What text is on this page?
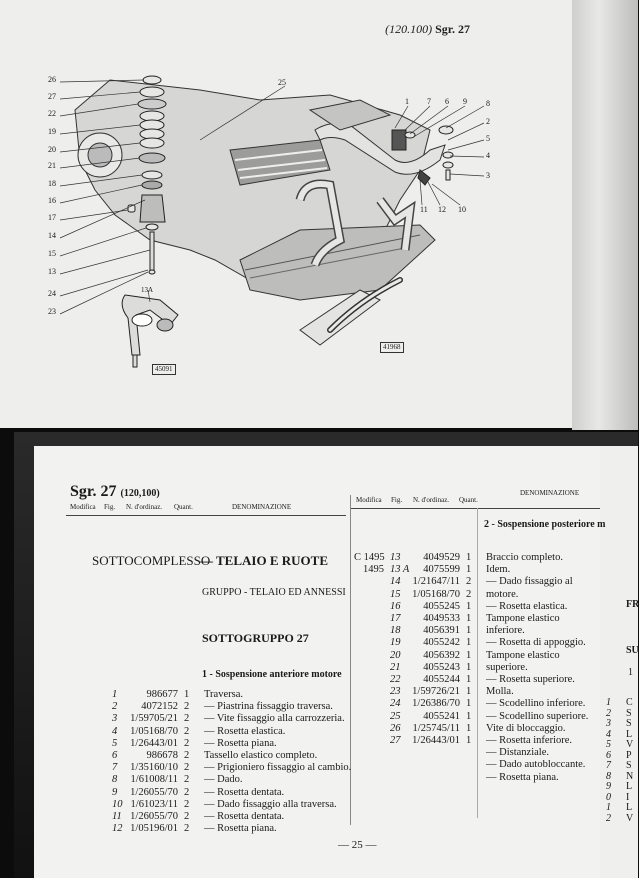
26
27
22
19
20
21
18
16
17
14
15
13
24
23
25
1 7 6 9 8
2
5
4
3
11 12 10
13A
45091
41968
(120.100) Sgr. 27
Sgr. 27 (120,100)
Modifica Fig. N. d'ordinaz. Quant.	DENOMINAZIONE
Modifica Fig. N. d'ordinaz. Quant.
DENOMINAZIONE
SOTTOCOMPLESSO
— TELAIO E RUOTE
GRUPPO - TELAIO ED ANNESSI
SOTTOGRUPPO 27
1 - Sospensione anteriore motore
1
2
3
4
5
6
7
8
9
10
11
12
986677
4072152
1/59705/21
1/05168/70
1/26443/01
986678
1/35160/10
1/61008/11
1/26055/70
1/61023/11
1/26055/70
1/05196/01
1
2
2
2
2
2
2
2
2
2
2
2
Traversa.
— Piastrina fissaggio traversa.
— Vite fissaggio alla carrozzeria.
— Rosetta elastica.
— Rosetta piana.
Tassello elastico completo.
— Prigioniero fissaggio al cambio.
— Dado.
— Rosetta dentata.
— Dado fissaggio alla traversa.
— Rosetta dentata.
— Rosetta piana.
2 - Sospensione posteriore m
C 1495
1495
13
13 A
14
15
16
17
18
19
20
21
22
23
24
25
26
27
4049529
4075599
1/21647/11
1/05168/70
4055245
4049533
4056391
4055242
4056392
4055243
4055244
1/59726/21
1/26386/70
4055241
1/25745/11
1/26443/01
1
1
2
2
1
1
1
1
1
1
1
1
1
1
1
1
Braccio completo.
Idem.
— Dado fissaggio al motore.
— Rosetta elastica.
Tampone elastico inferiore.
— Rosetta di appoggio.
Tampone elastico superiore.
— Rosetta superiore.
Molla.
— Scodellino inferiore.
— Scodellino superiore.
Vite di bloccaggio.
— Rosetta inferiore.
— Distanziale.
— Dado autobloccante.
— Rosetta piana.
FR
SU
1
1
2
3
4
5
6
7
8
9
0
1
2
C
S
S
L
V
P
S
N
L
I
L
V
— 25 —
